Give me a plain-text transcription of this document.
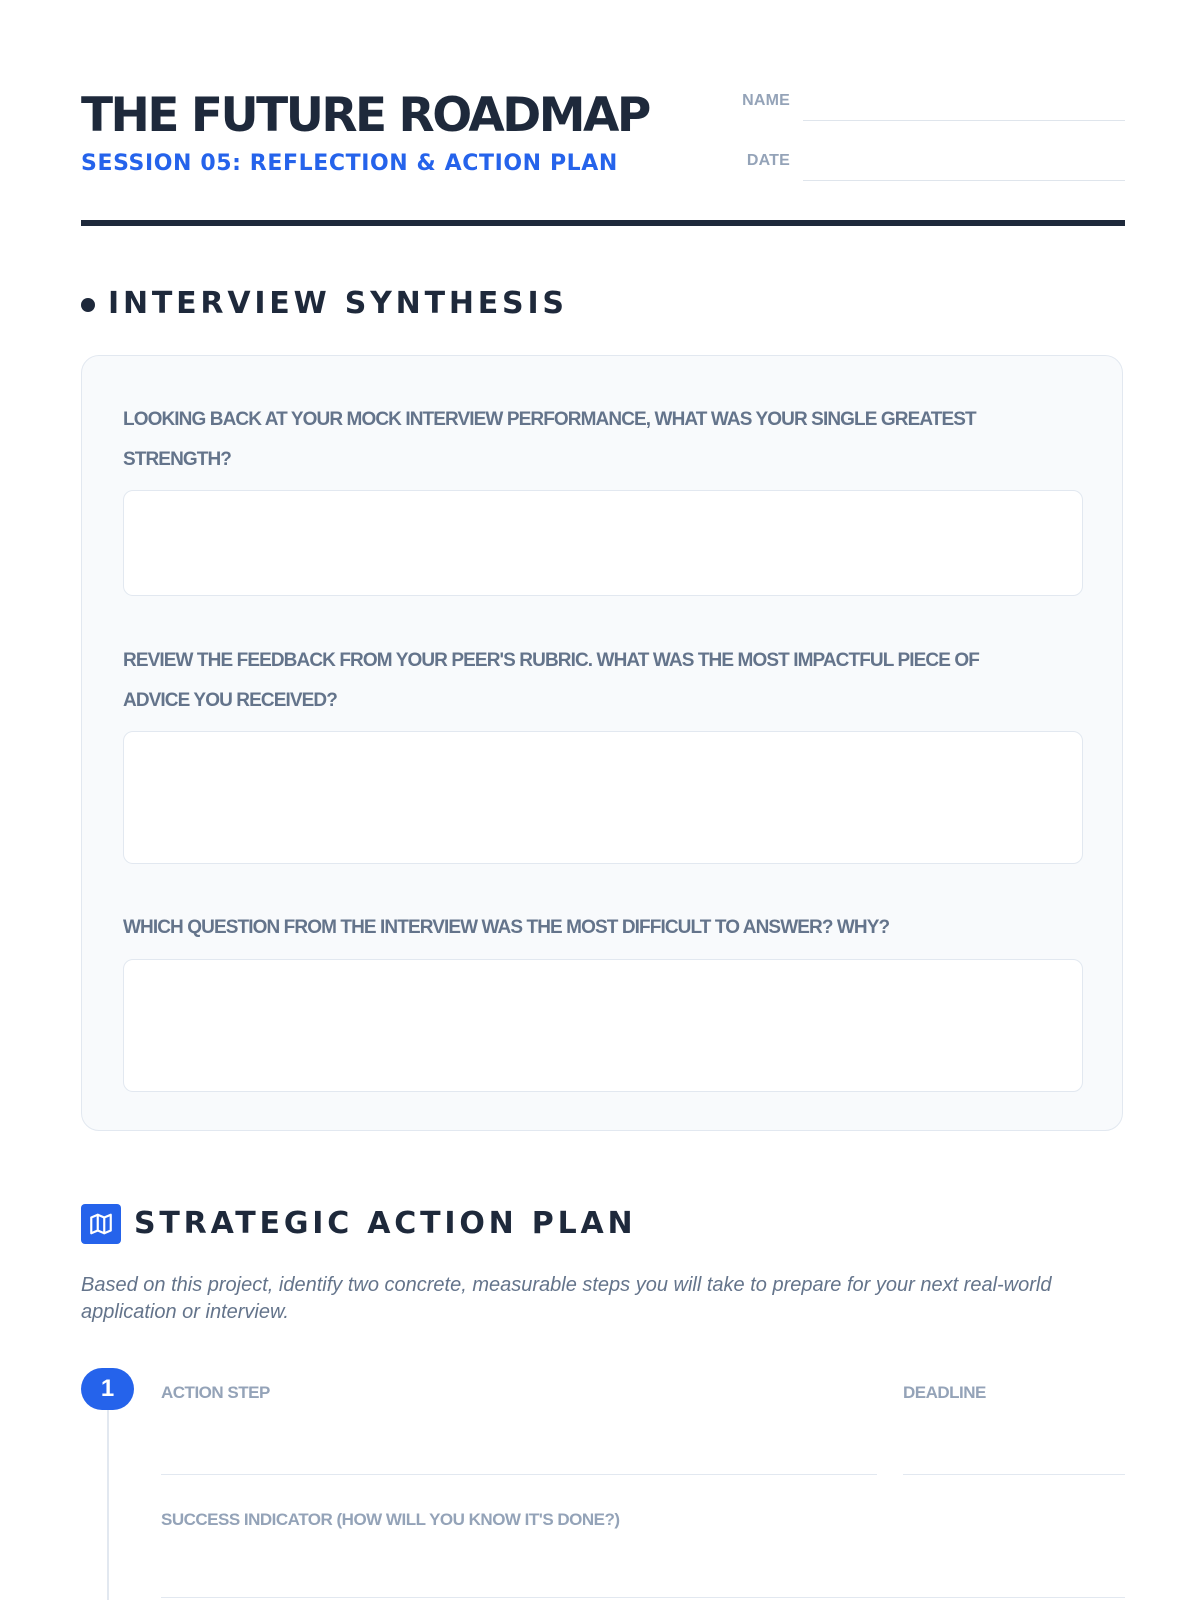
THE FUTURE ROADMAP
SESSION 05: REFLECTION & ACTION PLAN
NAME
DATE
INTERVIEW SYNTHESIS

LOOKING BACK AT YOUR MOCK INTERVIEW PERFORMANCE, WHAT WAS YOUR SINGLE GREATEST STRENGTH?

REVIEW THE FEEDBACK FROM YOUR PEER'S RUBRIC. WHAT WAS THE MOST IMPACTFUL PIECE OF ADVICE YOU RECEIVED?

WHICH QUESTION FROM THE INTERVIEW WAS THE MOST DIFFICULT TO ANSWER? WHY?

STRATEGIC ACTION PLAN

Based on this project, identify two concrete, measurable steps you will take to prepare for your next real-world application or interview.

1	ACTION STEP	DEADLINE
SUCCESS INDICATOR (HOW WILL YOU KNOW IT'S DONE?)
